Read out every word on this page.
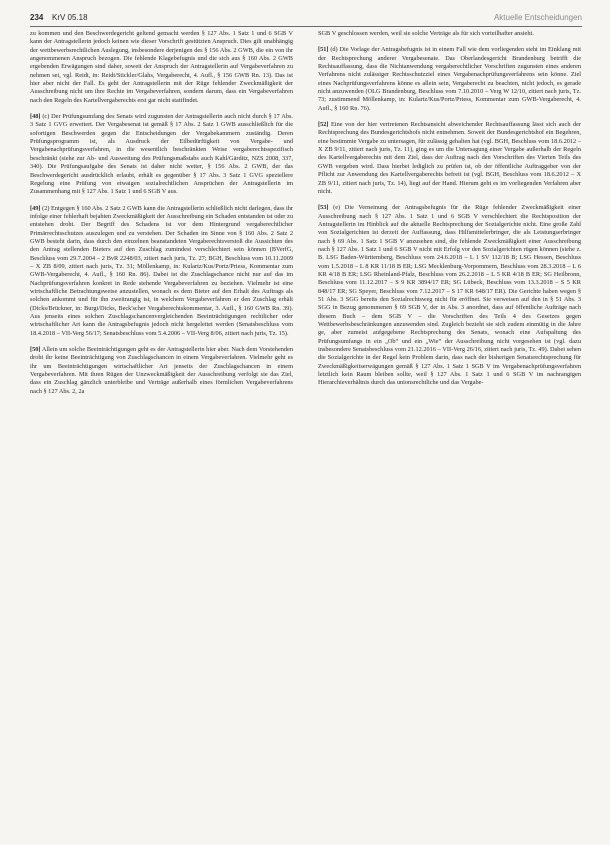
234 KrV 05.18	Aktuelle Entscheidungen

zu kommen und den Beschwerdegericht geltend gemacht werden § 127 Abs. 1 Satz 1 und 6 SGB V kann der Antragstellerin jedoch keinen wie dieser Vorschrift gestützten Anspruch. Dies gilt unabhängig der wettbewerbsrechtlichen Auslegung, insbesondere derjenigen des § 156 Abs. 2 GWB, die ein von ihr angenommenen Anspruch bezogen. Die fehlende Klagebefugnis und die sich aus § 160 Abs. 2 GWB ergebenden Erwägungen sind daher, soweit der Anspruch der Antragstellerin auf Vergabeverfahren zu nehmen sei, vgl. Reidt, in: Reidt/Stickler/Glahs, Vergaberecht, 4. Aufl., § 156 GWB Rn. 13). Das ist hier aber nicht der Fall. Es geht der Antragstellerin mit der Rüge fehlender Zweckmäßigkeit der Ausschreibung nicht um ihre Rechte im Vergabeverfahren, sondern darum, dass ein Vergabeverfahren nach den Regeln des Kartellvergaberechts erst gar nicht stattfindet.

[48] (c) Der Prüfungsumfang des Senats wird zugunsten der Antragstellerin auch nicht durch § 17 Abs. 3 Satz 1 GVG erweitert. Der Vergabesenat ist gemäß § 17 Abs. 2 Satz 1 GWB ausschließlich für die sofortigen Beschwerden gegen die Entscheidungen der Vergabekammern zuständig. Deren Prüfungsprogramm ist, als Ausdruck der Eilbedürftigkeit von Vergabe- und Vergabenachprüfungsverfahren, in die wesentlich beschränkten Weise vergaberechtsspezifisch beschränkt (siehe zur Ab- und Ausweitung des Prüfungsmaßstabs auch Kahl/Gärditz, NZS 2008, 337, 340). Die Prüfungsaufgabe des Senats ist daher nicht weiter, § 156 Abs. 2 GWB, der das Beschwerdegericht ausdrücklich erlaubt, erhält es gegenüber § 17 Abs. 3 Satz 1 GVG speziellere Regelung eine Prüfung von etwaigen sozialrechtlichen Ansprüchen der Antragstellerin im Zusammenhang mit § 127 Abs. 1 Satz 1 und 6 SGB V aus.

[49] (2) Entgegen § 160 Abs. 2 Satz 2 GWB kann die Antragstellerin schließlich nicht darlegen, dass ihr infolge einer fehlerhaft bejahten Zweckmäßigkeit der Ausschreibung ein Schaden entstanden ist oder zu entstehen droht. Der Begriff des Schadens ist vor dem Hintergrund vergaberechtlicher Primärrechtsschutzes auszulegen und zu verstehen. Der Schaden im Sinne von § 160 Abs. 2 Satz 2 GWB besteht darin, dass durch den einzelnen beanstandeten Vergaberechtsverstoß die Aussichten des den Antrag stellenden Bieters auf den Zuschlag zumindest verschlechtert sein können (BVerfG, Beschluss vom 29.7.2004 – 2 BvR 2248/03, zitiert nach juris, Tz. 27; BGH, Beschluss vom 10.11.2009 – X ZB 8/09, zitiert nach juris, Tz. 31; Möllenkamp, in: Kulartz/Kus/Portz/Priess, Kommentar zum GWB-Vergaberecht, 4. Aufl., § 160 Rn. 86). Dabei ist die Zuschlagschance nicht nur auf das im Nachprüfungsverfahren konkret in Rede stehende Vergabeverfahren zu beziehen. Vielmehr ist eine wirtschaftliche Betrachtungsweise anzustellen, wonach es dem Bieter auf den Erhalt des Auftrags als solchen ankommt und für ihn zweitrangig ist, in welchem Vergabeverfahren er den Zuschlag erhält (Dicks/Brückner, in: Burgi/Dicks, Beck'scher Vergaberechtskommentar, 3. Aufl., § 160 GWB Rn. 39). Aus jenseits eines solchen Zuschlagschancenvergleichenden Beeinträchtigungen rechtlicher oder wirtschaftlicher Art kann die Antragsbefugnis jedoch nicht hergeleitet werden (Senatsbeschluss vom 18.4.2018 – VII-Verg 56/17; Senatsbeschluss vom 5.4.2006 – VII-Verg 8/06, zitiert nach juris, Tz. 15).

[50] Allein um solche Beeinträchtigungen geht es der Antragstellerin hier aber. Nach dem Vorstehenden droht ihr keine Beeinträchtigung von Zuschlagschancen in einem Vergabeverfahren. Vielmehr geht es ihr um Beeinträchtigungen wirtschaftlicher Art jenseits der Zuschlagschancen in einem Vergabeverfahren. Mit ihren Rügen der Unzweckmäßigkeit der Ausschreibung verfolgt sie das Ziel, dass ein Zuschlag gänzlich unterbleibe und Verträge außerhalb eines förmlichen Vergabeverfahrens nach § 127 Abs. 2, 2a

SGB V geschlossen werden, weil sie solche Verträge als für sich vorteilhafter ansieht.

[51] (d) Die Vorlage der Antragsbefugnis ist in einem Fall wie dem vorliegenden steht im Einklang mit der Rechtsprechung anderer Vergabesenate. Das Oberlandesgericht Brandenburg betrifft die Rechtsauffassung, dass die Nichtanwendung vergaberechtlicher Vorschriften zugunsten eines anderen Verfahrens nicht zulässiger Rechtsschutzziel eines Vergabenachprüfungsverfahrens sein könne. Ziel eines Nachprüfungsverfahrens könne es allein sein, Vergaberecht zu beachten, nicht jedoch, es gerade nicht anzuwenden (OLG Brandenburg, Beschluss vom 7.10.2010 – Verg W 12/10, zitiert nach juris, Tz. 73; zustimmend Möllenkamp, in: Kulartz/Kus/Portz/Priess, Kommentar zum GWB-Vergaberecht, 4. Aufl., § 160 Rn. 76).

[52] Eine von der hier vertretenen Rechtsansicht abweichender Rechtsauffassung lässt sich auch der Rechtsprechung des Bundesgerichtshofs nicht entnehmen. Soweit der Bundesgerichtshof ein Begehren, eine bestimmte Vergabe zu untersagen, für zulässig gehalten hat (vgl. BGH, Beschluss vom 18.6.2012 – X ZB 9/11, zitiert nach juris, Tz. 11), ging es um die Untersagung einer Vergabe außerhalb der Regeln des Kartellvergaberechts mit dem Ziel, dass der Auftrag nach den Vorschriften des Vierten Teils des GWB vergeben wird. Dass hierbei lediglich zu prüfen ist, ob der öffentliche Auftraggeber von der Pflicht zur Anwendung des Kartellvergaberechts befreit ist (vgl. BGH, Beschluss vom 18.6.2012 – X ZB 9/11, zitiert nach juris, Tz. 14), liegt auf der Hand. Hierum geht es im vorliegenden Verfahren aber nicht.

[53] (e) Die Verneinung der Antragsbefugnis für die Rüge fehlender Zweckmäßigkeit einer Ausschreibung nach § 127 Abs. 1 Satz 1 und 6 SGB V verschlechtert die Rechtsposition der Antragstellerin im Hinblick auf die aktuelle Rechtsprechung der Sozialgerichte nicht. Eine große Zahl von Sozialgerichten ist derzeit der Auffassung, dass Hilfsmittelerbringer, die als Leistungserbringer nach § 69 Abs. 1 Satz 1 SGB V anzusehen sind, die fehlende Zweckmäßigkeit einer Ausschreibung nach § 127 Abs. 1 Satz 1 und 6 SGB V nicht mit Erfolg vor den Sozialgerichten rügen können (siehe z. B. LSG Baden-Württemberg, Beschluss vom 24.6.2018 – L 1 SV 112/18 B; LSG Hessen, Beschluss vom 1.5.2018 – L 8 KR 11/18 B ER; LSG Mecklenburg-Vorpommern, Beschluss vom 28.3.2018 – L 6 KR 4/18 B ER; LSG Rheinland-Pfalz, Beschluss vom 26.2.2018 – L 5 KR 4/18 B ER; SG Heilbronn, Beschluss vom 11.12.2017 – S 9 KR 3894/17 ER; SG Lübeck, Beschluss vom 13.3.2018 – S 5 KR 848/17 ER; SG Speyer, Beschluss vom 7.12.2017 – S 17 KR 648/17 ER). Die Gerichte haben wegen § 51 Abs. 3 SGG bereits den Sozialrechtsweg nicht für eröffnet. Sie verweisen auf den in § 51 Abs. 3 SGG in Bezug genommenen § 69 SGB V, der in Abs. 3 anordnet, dass auf öffentliche Aufträge nach diesem Buch – dem SGB V – die Vorschriften des Teils 4 des Gesetzes gegen Wettbewerbsbeschränkungen anzuwenden sind. Zugleich bezieht sie sich zudem einmütig in die Jahre ge, aber zumeist aufgegebene Rechtsprechung des Senats, wonach eine Aufspaltung des Prüfungsumfangs in ein „Ob“ und ein „Wie“ der Ausschreibung nicht vorgesehen ist (vgl. dazu insbesondere Senatsbeschluss vom 21.12.2016 – VII-Verg 26/16, zitiert nach juris, Tz. 49). Dabei sehen die Sozialgerichte in der Regel kein Problem darin, dass nach der bisherigen Senatsrechtsprechung für Zweckmäßigkeitserwägungen gemäß § 127 Abs. 1 Satz 1 SGB V im Vergabenachprüfungsverfahren letztlich kein Raum bleiben sollte, weil § 127 Abs. 1 Satz 1 und 6 SGB V im nachrangigen Hierarchieverhältnis durch das unionsrechtliche und das Vergabe-
